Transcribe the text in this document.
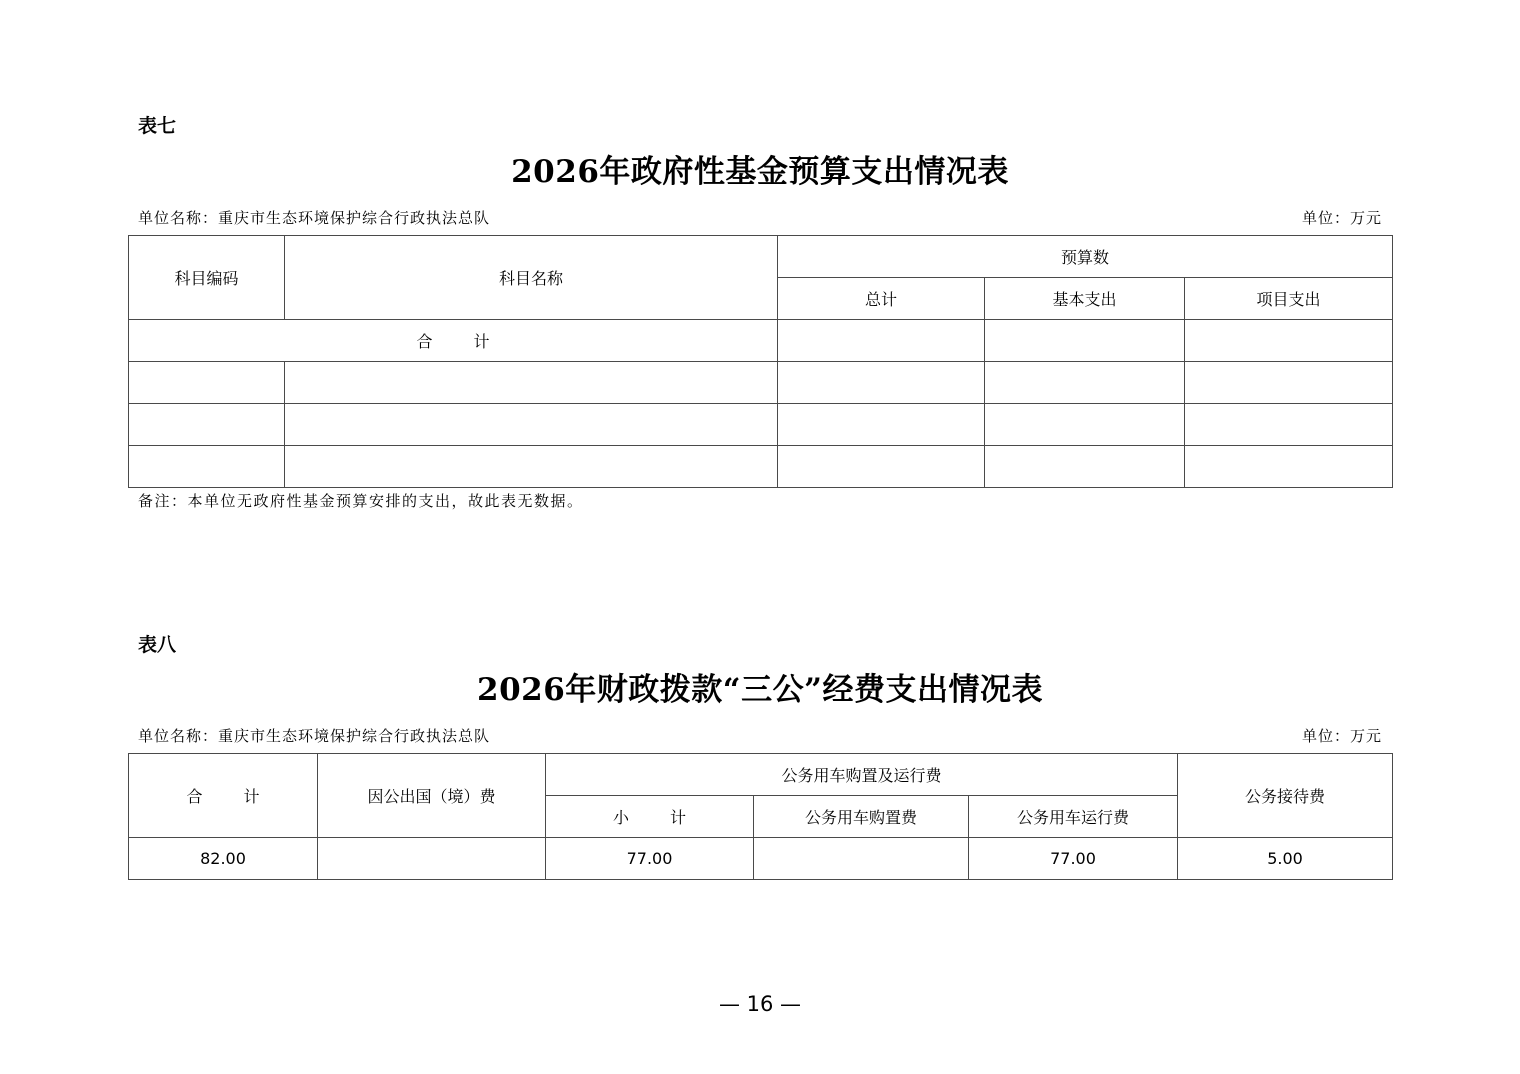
表七
2026年政府性基金预算支出情况表
单位名称：重庆市生态环境保护综合行政执法总队	单位：万元
科目编码	科目名称	预算数		
		总计	基本支出	项目支出
合 计				

备注：本单位无政府性基金预算安排的支出，故此表无数据。
表八
2026年财政拨款“三公”经费支出情况表
单位名称：重庆市生态环境保护综合行政执法总队	单位：万元
合 计	因公出国（境）费	公务用车购置及运行费			公务接待费
		小 计	公务用车购置费	公务用车运行费	
82.00		77.00		77.00	5.00
— 16 —
